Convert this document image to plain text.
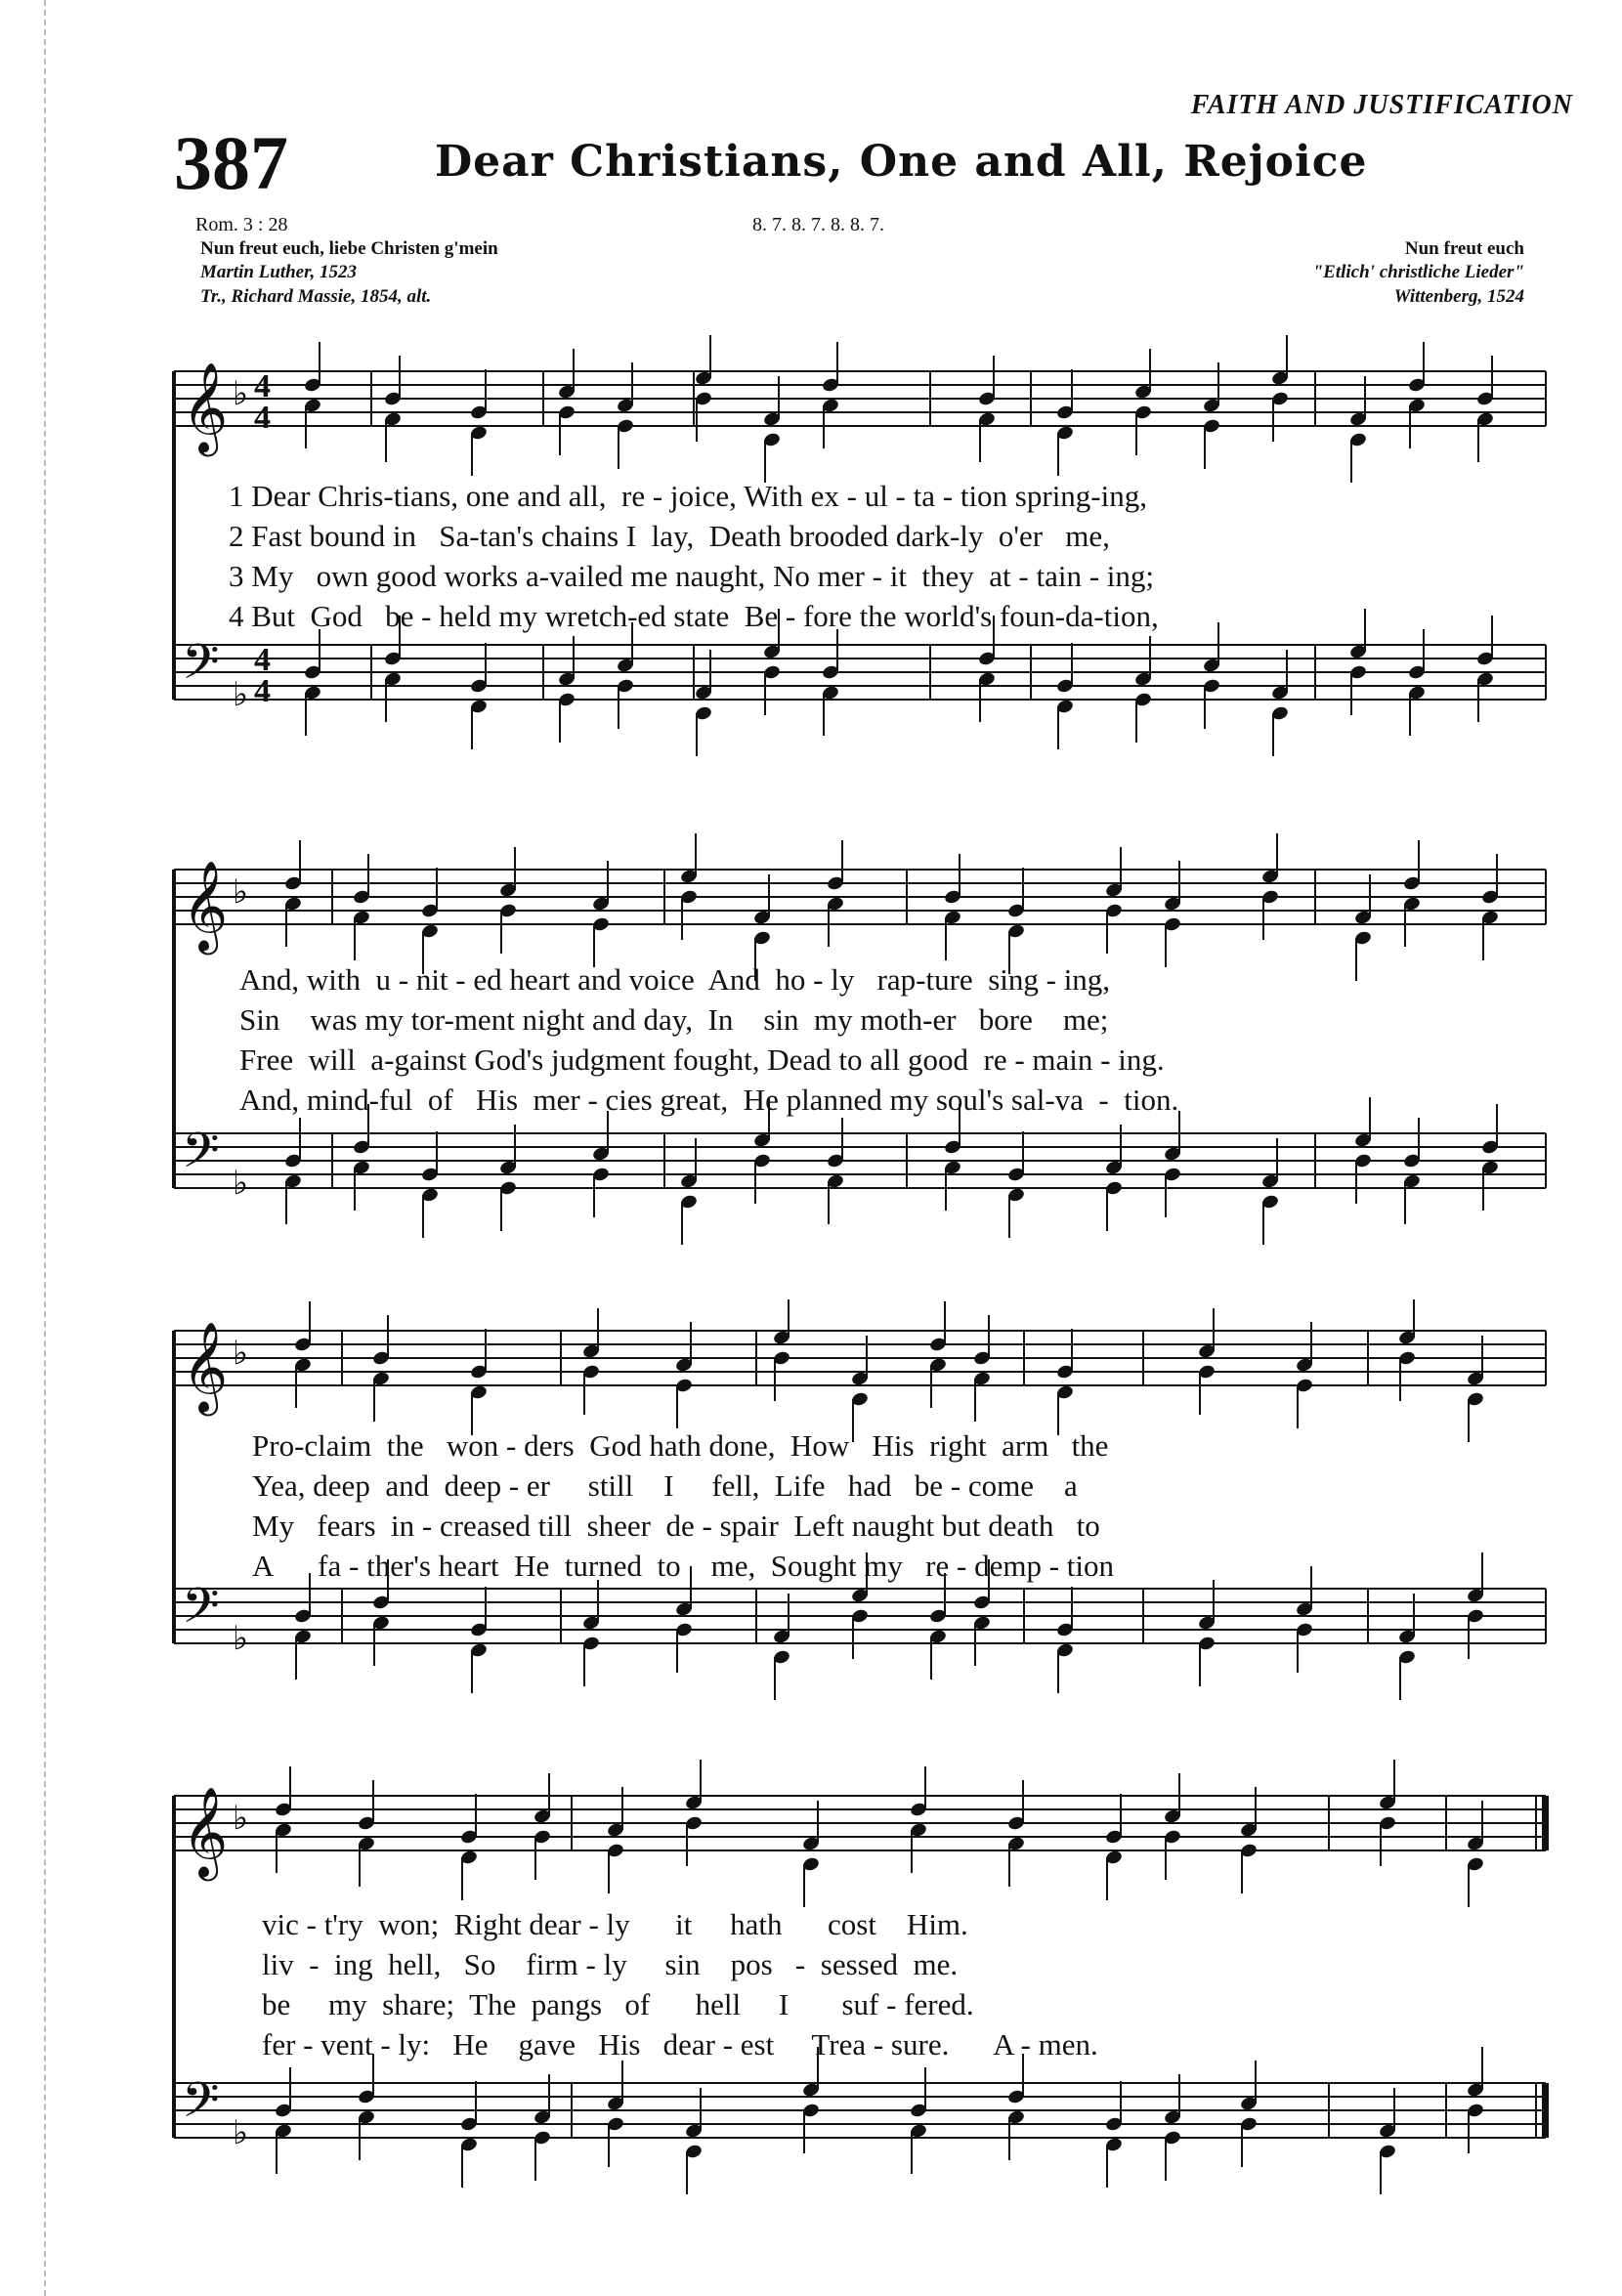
FAITH AND JUSTIFICATION
387	Dear Christians, One and All, Rejoice
Rom. 3 : 28	8. 7. 8. 7. 8. 8. 7.
Nun freut euch, liebe Christen g'mein
Martin Luther, 1523
Tr., Richard Massie, 1854, alt.
Nun freut euch
"Etlich' christliche Lieder"
Wittenberg, 1524
𝄞
𝄢
♭
♭
4
4
4
4
𝄞
𝄢
♭
♭
𝄞
𝄢
♭
♭
𝄞
𝄢
♭
♭
1 Dear Chris-tians, one and all,  re - joice, With ex - ul - ta - tion spring-ing,
2 Fast bound in   Sa-tan's chains I  lay,  Death brooded dark-ly  o'er   me,
3 My   own good works a-vailed me naught, No mer - it  they  at - tain - ing;
4 But  God   be - held my wretch-ed state  Be - fore the world's foun-da-tion,
And, with  u - nit - ed heart and voice  And  ho - ly   rap-ture  sing - ing,
Sin    was my tor-ment night and day,  In    sin  my moth-er   bore    me;
Free  will  a-gainst God's judgment fought, Dead to all good  re - main - ing.
And, mind-ful  of   His  mer - cies great,  He planned my soul's sal-va  -  tion.
Pro-claim  the   won - ders  God hath done,  How   His  right  arm   the
Yea, deep  and  deep - er     still    I     fell,  Life   had   be - come    a
My   fears  in - creased till  sheer  de - spair  Left naught but death   to
A      fa - ther's heart  He  turned  to    me,  Sought my   re - demp - tion
vic - t'ry  won;  Right dear - ly      it     hath      cost    Him.
liv  -  ing  hell,   So    firm - ly     sin    pos   -  sessed  me.
be     my  share;  The  pangs   of      hell     I       suf - fered.
fer - vent - ly:   He    gave   His   dear - est     Trea - sure.      A - men.
